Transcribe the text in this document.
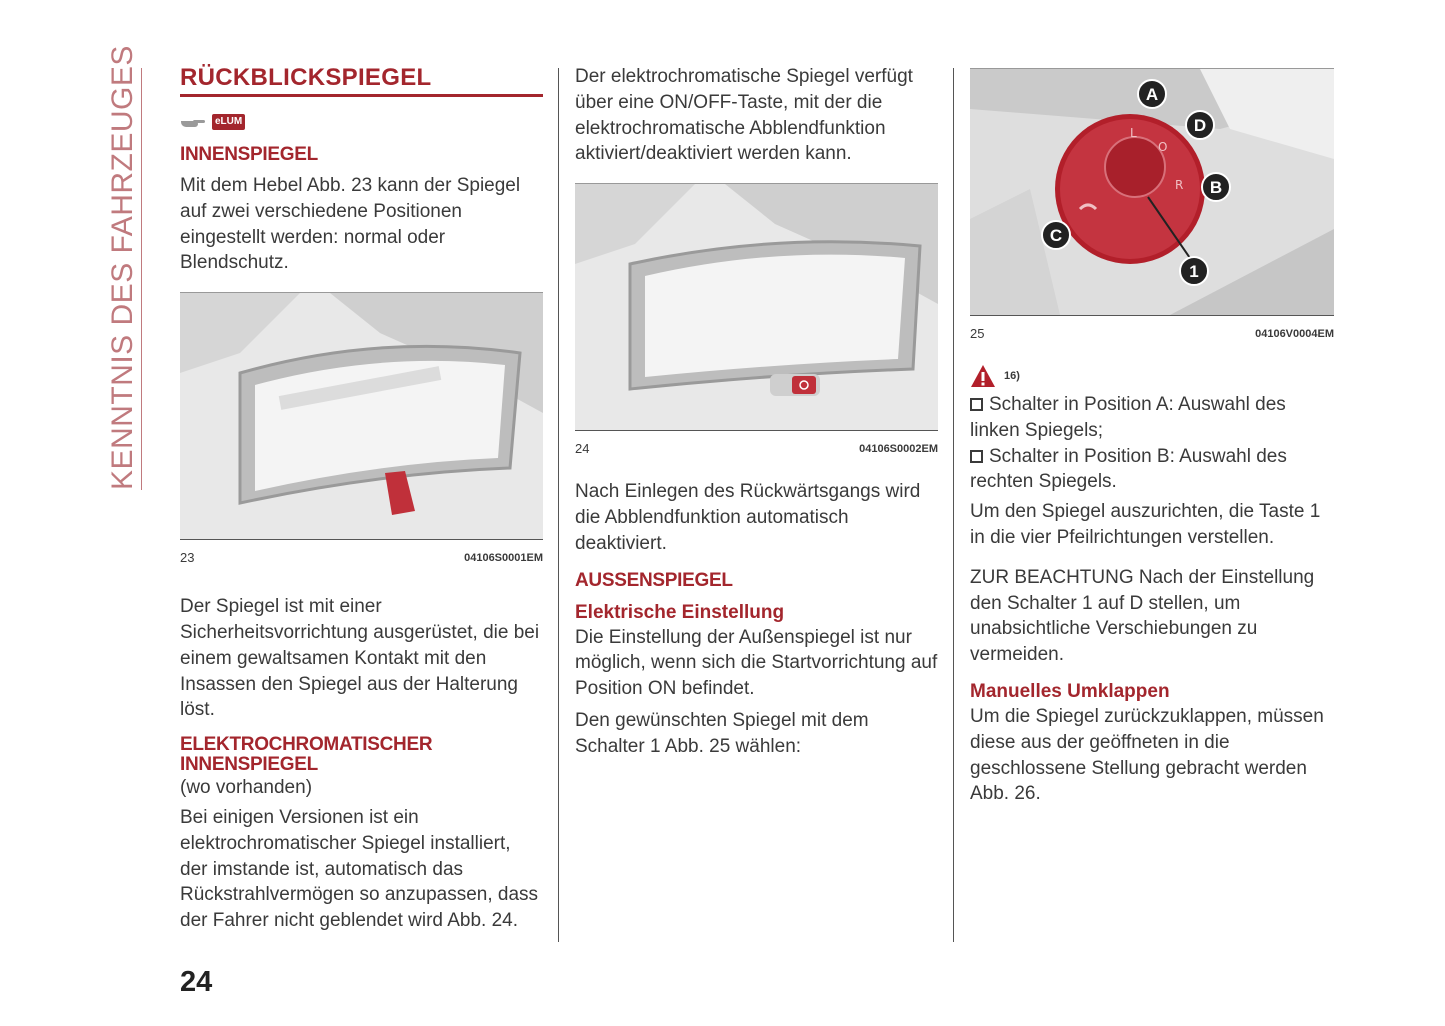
KENNTNIS DES FAHRZEUGES RÜCKBLICKSPIEGEL
eLUM
INNENSPIEGEL

Mit dem Hebel Abb. 23 kann der Spiegel auf zwei verschiedene Positionen eingestellt werden: normal oder Blendschutz.

23	04106S0001EM

Der Spiegel ist mit einer Sicherheitsvorrichtung ausgerüstet, die bei einem gewaltsamen Kontakt mit den Insassen den Spiegel aus der Halterung löst.

ELEKTROCHROMATISCHER INNENSPIEGEL

(wo vorhanden)

Bei einigen Versionen ist ein elektrochromatischer Spiegel installiert, der imstande ist, automatisch das Rückstrahlvermögen so anzupassen, dass der Fahrer nicht geblendet wird Abb. 24.

Der elektrochromatische Spiegel verfügt über eine ON/OFF-Taste, mit der die elektrochromatische Abblendfunktion aktiviert/deaktiviert werden kann.

24	04106S0002EM

Nach Einlegen des Rückwärtsgangs wird die Abblendfunktion automatisch deaktiviert.

AUSSENSPIEGEL
Elektrische Einstellung

Die Einstellung der Außenspiegel ist nur möglich, wenn sich die Startvorrichtung auf Position ON befindet.

Den gewünschten Spiegel mit dem Schalter 1 Abb. 25 wählen:

L
O
R
A
D
B
C
1
25	04106V0004EM
16)

Schalter in Position A: Auswahl des linken Spiegels;

Schalter in Position B: Auswahl des rechten Spiegels.

Um den Spiegel auszurichten, die Taste 1 in die vier Pfeilrichtungen verstellen.

ZUR BEACHTUNG Nach der Einstellung den Schalter 1 auf D stellen, um unabsichtliche Verschiebungen zu vermeiden.

Manuelles Umklappen

Um die Spiegel zurückzuklappen, müssen diese aus der geöffneten in die geschlossene Stellung gebracht werden Abb. 26.

24
